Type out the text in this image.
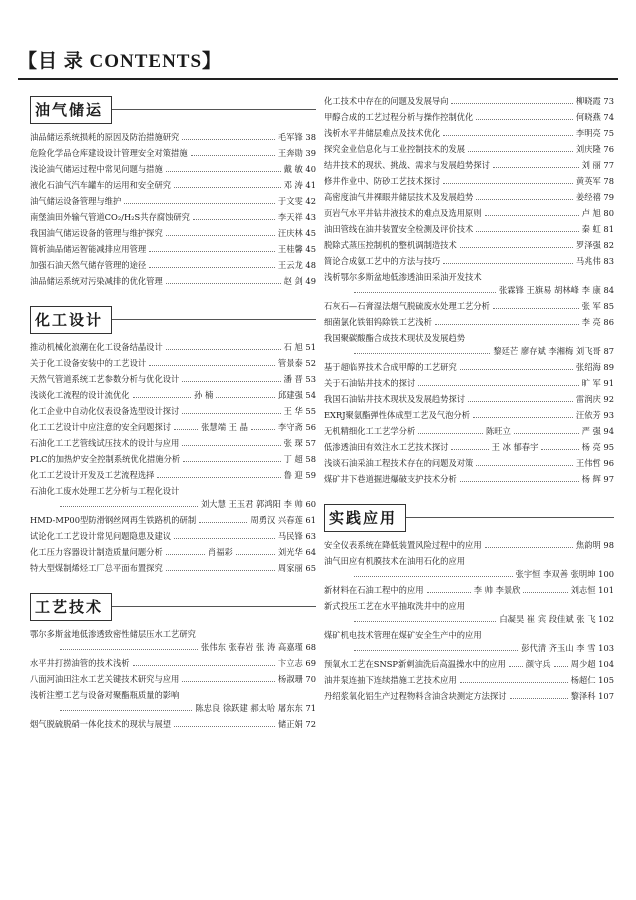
【目 录 CONTENTS】
油气储运
油品储运系统损耗的原因及防治措施研究	毛军锋 38
危险化学品仓库建设设计管理安全对策措施	王奔勋 39
浅论油气储运过程中常见问题与措施	戴 敏 40
液化石油气汽车罐车的运用和安全研究	邓 涛 41
油气储运设备管理与维护	于文雯 42
南堡油田外输气管道CO₂/H₂S共存腐蚀研究	李天祥 43
我国油气储运设备的管理与维护探究	汪庆林 45
简析油品储运智能减排应用管理	王桂馨 45
加强石油天然气储存管理的途径	王云龙 48
油品储运系统对污染减排的优化管理	赵 剑 49
化工设计
推动机械化浪潮在化工设备结晶设计	石 旭 51
关于化工设备安装中的工艺设计	管景泰 52
天然气管道系统工艺参数分析与优化设计	潘 晋 53
浅谈化工流程的设计流优化	孙 楠	邱建强 54
化工企业中自动化仪表设备选型设计探讨	王 华 55
化工工艺设计中应注意的安全问题探讨	张慧端 王 晶	李守斋 56
石油化工工艺管线试压技术的设计与应用	张 琛 57
PLC的加热炉安全控制系统优化措施分析	丁 超 58
化工工艺设计开发及工艺流程选择	鲁 迎 59
石油化工废水处理工艺分析与工程化设计
刘大慧 王玉君 郭鸿阳 李 帅 60
HMD-MP00型防滑钢丝网再生铁路机的研制	周勇汉 兴春莲 61
试论化工工艺设计常见问题隐患及建议	马民锋 63
化工压力容器设计制造质量问题分析	肖福彩	刘光华 64
特大型煤制烯烃工厂总平面布置探究	周家丽 65
工艺技术
鄂尔多斯盆地低渗透致密性储层压水工艺研究
张伟东 张春岩 张 涛 高嘉瑾 68
水平井打捞油管的技术浅析	卞立志 69
八面河油田注水工艺关键技术研究与应用	杨淑珊 70
浅析注塑工艺与设备对聚酯瓶质量的影响
陈忠良 徐跃建 郝太哈 屠东东 71
烟气脱硫脱硝一体化技术的现状与展望	储正娟 72
化工技术中存在的问题及发展导向	柳晓霞 73
甲醇合成的工艺过程分析与操作控制优化	何晓燕 74
浅析水平井储层难点及技术优化	李明亮 75
探究金业信息化与工业控制技术的发展	刘庆隆 76
结井技术的现状、挑战、需求与发展趋势探讨	刘 丽 77
修井作业中、防砂工艺技术探讨	黄英军 78
高密度油气井裸眼井储层技术及发展趋势	姜经禧 79
页岩气水平井钻井液技术的难点及选用原则	卢 旭 80
油田管线在油井装置安全检测及评价技术	秦 虹 81
脱除式蒸压控制机的整机调制造技术	罗泽强 82
简论合成氨工艺中的方法与技巧	马兆伟 83
浅析鄂尔多斯盆地低渗透油田采油开发技术
张霖锋 王旗易 胡林峰 李 康 84
石灰石—石膏湿法烟气脱硫废水处理工艺分析	张 军 85
细菌氯化铁钼钨除铁工艺浅析	李 亮 86
我国聚碳酸酯合成技术现状及发展趋势
黎廷芒 廖存斌 李湘梅 刘飞哥 87
基于超临界技术合成甲醇的工艺研究	张绍海 89
关于石油钻井技术的探讨	旷 军 91
我国石油钻井技术现状及发展趋势探讨	雷润庆 92
EXRJ聚氨酯弹性体成型工艺及气泡分析	汪依芳 93
无机精细化工工艺学分析	陈旺立	严 强 94
低渗透油田有效注水工艺技术探讨	王 冰 郁春宇	杨 亮 95
浅谈石油采油工程技术存在的问题及对策	王伟哲 96
煤矿井下巷道掘进爆破支护技术分析	杨 辉 97
实践应用
安全仪表系统在降低装置风险过程中的应用	焦韵明 98
油气田应有机膜技术在油用石化的应用
张宇恒 李双善 张明坤 100
新材料在石油工程中的应用	李 帅 李景欣	刘志恒 101
新式投压工艺在水平抽取洗井中的应用
白凝昊 崔 宾 段佳斌 张 飞 102
煤矿机电技术管理在煤矿安全生产中的应用
彭代清 齐玉山 李 雪 103
预氧水工艺在SNSP新刺油洗后高温操水中的应用 颜守兵 周少超 104
油井泵连抽下连续措施工艺技术应用	杨超仁 105
丹绍浆氧化铝生产过程物料含油含块测定方法探讨	黎泽科 107
